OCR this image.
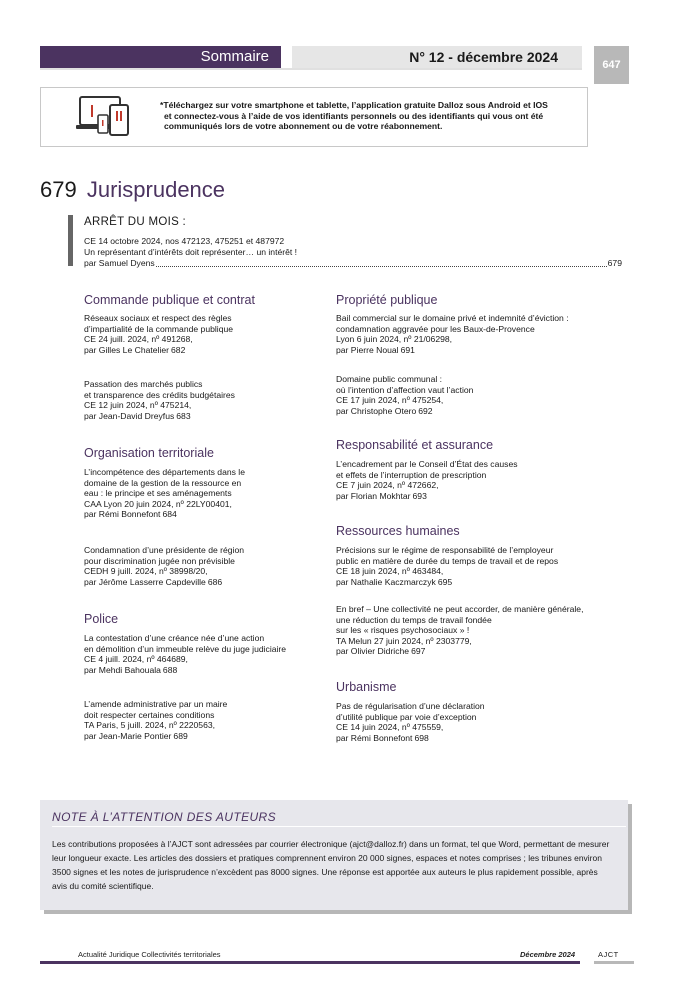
Sommaire	N° 12 - décembre 2024	647
*Téléchargez sur votre smartphone et tablette, l’application gratuite Dalloz sous Android et IOS
et connectez-vous à l’aide de vos identifiants personnels ou des identifiants qui vous ont été
communiqués lors de votre abonnement ou de votre réabonnement.
679 Jurisprudence
ARRÊT DU MOIS :
CE 14 octobre 2024, nos 472123, 475251 et 487972
Un représentant d’intérêts doit représenter… un intérêt !
par Samuel Dyens	679
Commande publique et contrat
Réseaux sociaux et respect des règles
d’impartialité de la commande publique
CE 24 juill. 2024, nº 491268,
par Gilles Le Chatelier 682
Passation des marchés publics
et transparence des crédits budgétaires
CE 12 juin 2024, nº 475214,
par Jean-David Dreyfus 683
Organisation territoriale
L’incompétence des départements dans le
domaine de la gestion de la ressource en
eau : le principe et ses aménagements
CAA Lyon 20 juin 2024, nº 22LY00401,
par Rémi Bonnefont 684
Condamnation d’une présidente de région
pour discrimination jugée non prévisible
CEDH 9 juill. 2024, nº 38998/20,
par Jérôme Lasserre Capdeville 686
Police
La contestation d’une créance née d’une action
en démolition d’un immeuble relève du juge judiciaire
CE 4 juill. 2024, nº 464689,
par Mehdi Bahouala 688
L’amende administrative par un maire
doit respecter certaines conditions
TA Paris, 5 juill. 2024, nº 2220563,
par Jean-Marie Pontier 689
Propriété publique
Bail commercial sur le domaine privé et indemnité d’éviction :
condamnation aggravée pour les Baux-de-Provence
Lyon 6 juin 2024, nº 21/06298,
par Pierre Noual 691
Domaine public communal :
où l’intention d’affection vaut l’action
CE 17 juin 2024, nº 475254,
par Christophe Otero 692
Responsabilité et assurance
L’encadrement par le Conseil d’État des causes
et effets de l’interruption de prescription
CE 7 juin 2024, nº 472662,
par Florian Mokhtar 693
Ressources humaines
Précisions sur le régime de responsabilité de l’employeur
public en matière de durée du temps de travail et de repos
CE 18 juin 2024, nº 463484,
par Nathalie Kaczmarczyk 695
En bref – Une collectivité ne peut accorder, de manière générale,
une réduction du temps de travail fondée
sur les « risques psychosociaux » !
TA Melun 27 juin 2024, nº 2303779,
par Olivier Didriche 697
Urbanisme
Pas de régularisation d’une déclaration
d’utilité publique par voie d’exception
CE 14 juin 2024, nº 475559,
par Rémi Bonnefont 698
NOTE À L’ATTENTION DES AUTEURS
Les contributions proposées à l’AJCT sont adressées par courrier électronique (ajct@dalloz.fr) dans un format, tel que Word, permettant de mesurer
leur longueur exacte. Les articles des dossiers et pratiques comprennent environ 20 000 signes, espaces et notes comprises ; les tribunes environ
3500 signes et les notes de jurisprudence n’excèdent pas 8000 signes. Une réponse est apportée aux auteurs le plus rapidement possible, après
avis du comité scientifique.
Actualité Juridique Collectivités territoriales	Décembre 2024	AJCT
